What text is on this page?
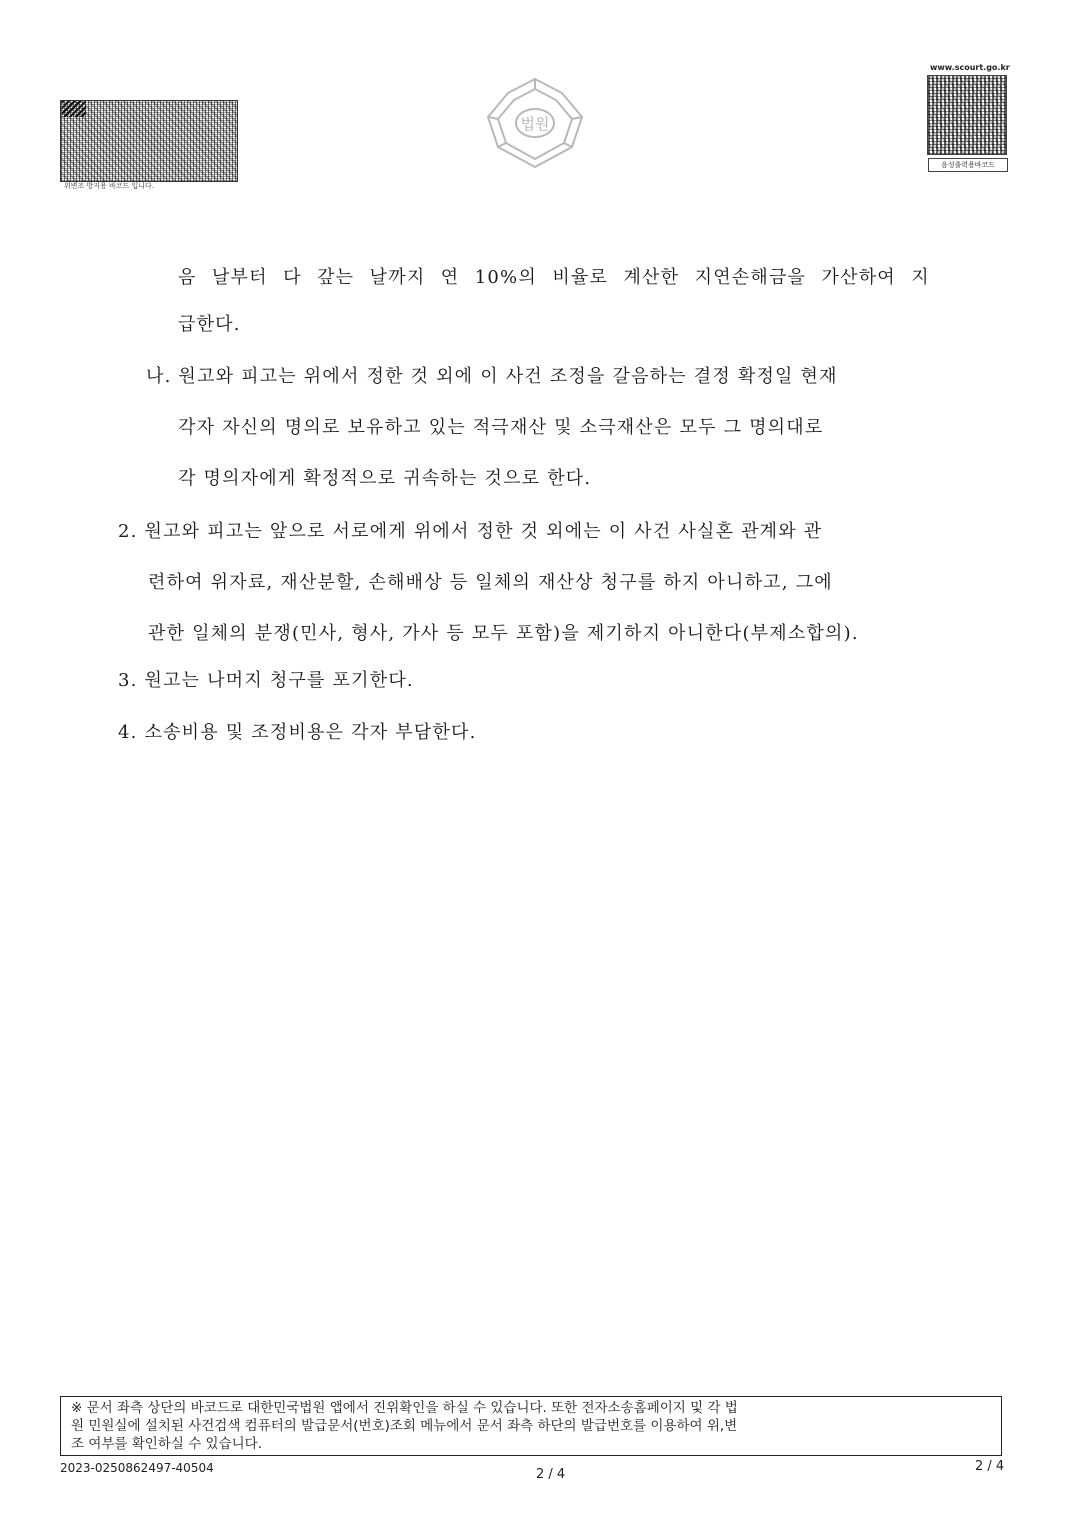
위변조 방지용 바코드 입니다.
www.scourt.go.kr
음성출력용바코드
법원
음 날부터 다 갚는 날까지 연 10%의 비율로 계산한 지연손해금을 가산하여 지
급한다.
나. 원고와 피고는 위에서 정한 것 외에 이 사건 조정을 갈음하는 결정 확정일 현재
각자 자신의 명의로 보유하고 있는 적극재산 및 소극재산은 모두 그 명의대로
각 명의자에게 확정적으로 귀속하는 것으로 한다.
2. 원고와 피고는 앞으로 서로에게 위에서 정한 것 외에는 이 사건 사실혼 관계와 관
련하여 위자료, 재산분할, 손해배상 등 일체의 재산상 청구를 하지 아니하고, 그에
관한 일체의 분쟁(민사, 형사, 가사 등 모두 포함)을 제기하지 아니한다(부제소합의).
3. 원고는 나머지 청구를 포기한다.
4. 소송비용 및 조정비용은 각자 부담한다.
※ 문서 좌측 상단의 바코드로 대한민국법원 앱에서 진위확인을 하실 수 있습니다. 또한 전자소송홈페이지 및 각 법
원 민원실에 설치된 사건검색 컴퓨터의 발급문서(번호)조회 메뉴에서 문서 좌측 하단의 발급번호를 이용하여 위,변
조 여부를 확인하실 수 있습니다.
2023-0250862497-40504	2 / 4
2 / 4
